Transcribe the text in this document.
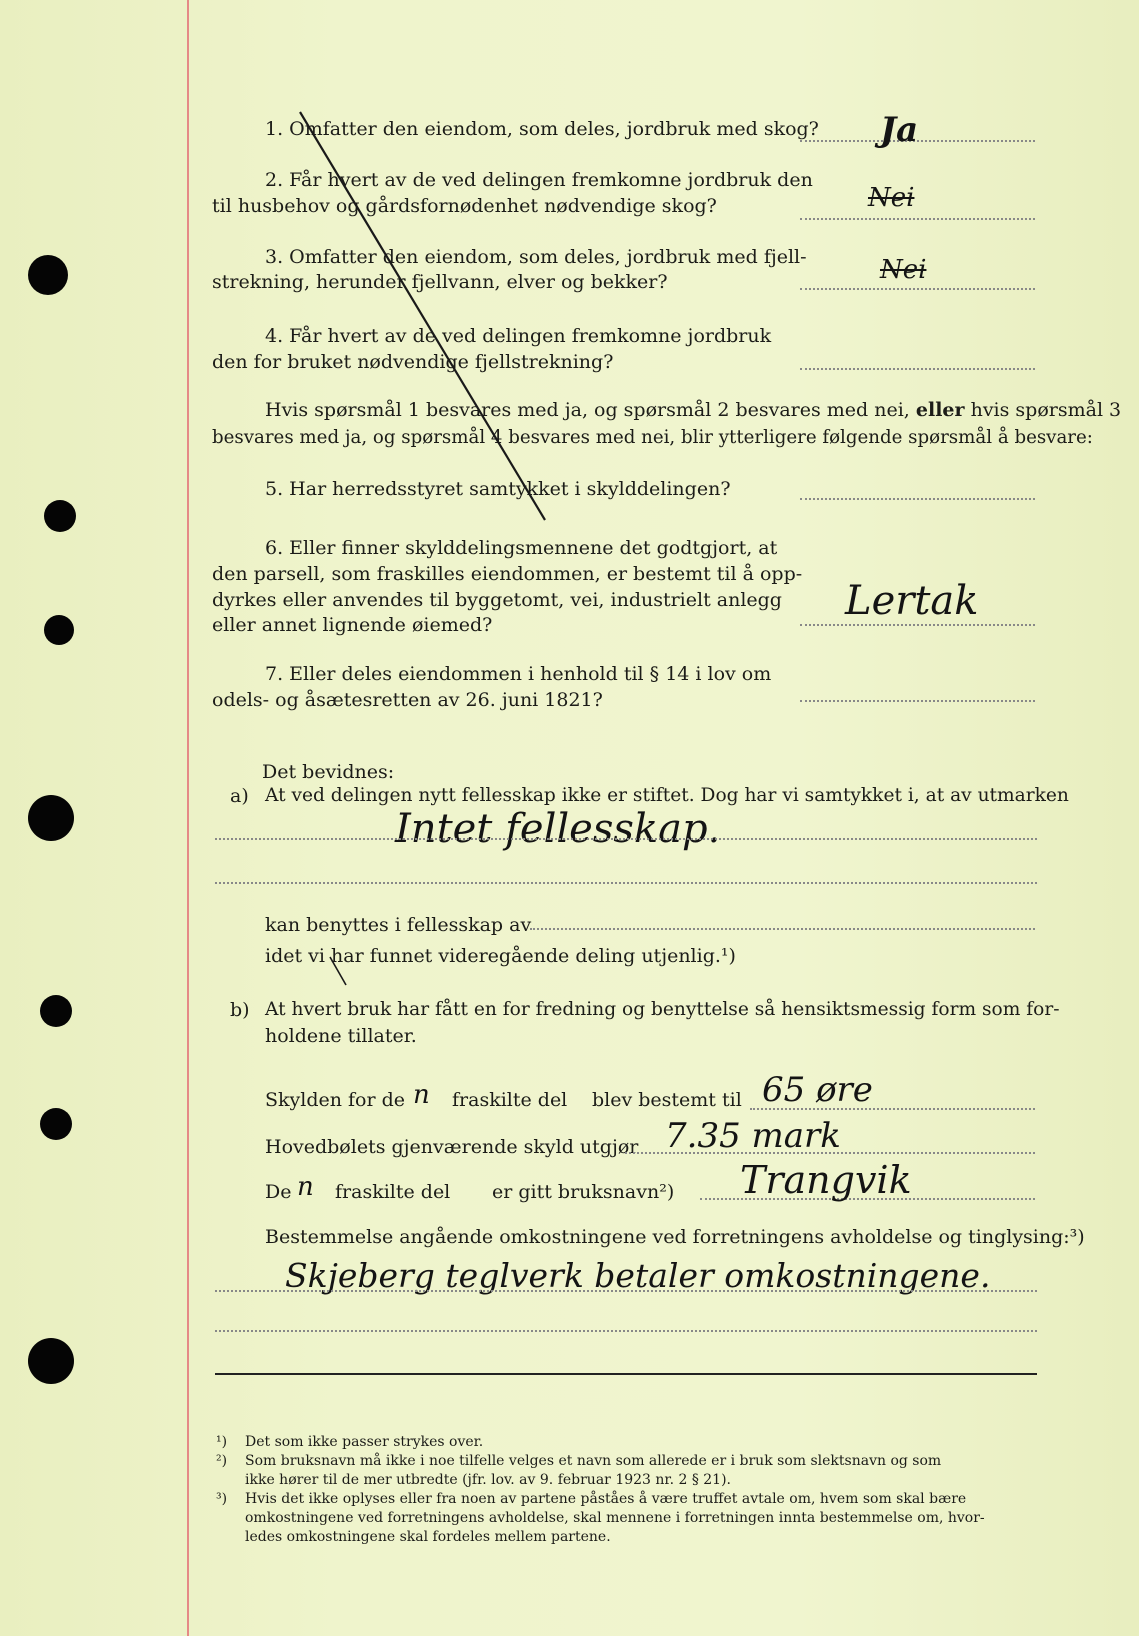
1. Omfatter den eiendom, som deles, jordbruk med skog? Ja
2. Får hvert av de ved delingen fremkomne jordbruk den
til husbehov og gårdsfornødenhet nødvendige skog?	Nei
3. Omfatter den eiendom, som deles, jordbruk med fjell-
strekning, herunder fjellvann, elver og bekker?	Nei
4. Får hvert av de ved delingen fremkomne jordbruk
den for bruket nødvendige fjellstrekning?
Hvis spørsmål 1 besvares med ja, og spørsmål 2 besvares med nei, eller hvis spørsmål 3
besvares med ja, og spørsmål 4 besvares med nei, blir ytterligere følgende spørsmål å besvare:
5. Har herredsstyret samtykket i skylddelingen?
6. Eller finner skylddelingsmennene det godtgjort, at
den parsell, som fraskilles eiendommen, er bestemt til å opp-
dyrkes eller anvendes til byggetomt, vei, industrielt anlegg
eller annet lignende øiemed?
Lertak
7. Eller deles eiendommen i henhold til § 14 i lov om
odels- og åsætesretten av 26. juni 1821?
Det bevidnes:
a) At ved delingen nytt fellesskap ikke er stiftet. Dog har vi samtykket i, at av utmarken
Intet fellesskap.
kan benyttes i fellesskap av
idet vi har funnet videregående deling utjenlig.¹)
b) At hvert bruk har fått en for fredning og benyttelse så hensiktsmessig form som for-
holdene tillater.
Skylden for de n fraskilte del blev bestemt til 65 øre
Hovedbølets gjenværende skyld utgjør 7.35 mark
De n fraskilte del er gitt bruksnavn²) Trangvik
Bestemmelse angående omkostningene ved forretningens avholdelse og tinglysing:³)
Skjeberg teglverk betaler omkostningene.
¹) Det som ikke passer strykes over.
²) Som bruksnavn må ikke i noe tilfelle velges et navn som allerede er i bruk som slektsnavn og som
ikke hører til de mer utbredte (jfr. lov. av 9. februar 1923 nr. 2 § 21).
³) Hvis det ikke oplyses eller fra noen av partene påståes å være truffet avtale om, hvem som skal bære
omkostningene ved forretningens avholdelse, skal mennene i forretningen innta bestemmelse om, hvor-
ledes omkostningene skal fordeles mellem partene.
